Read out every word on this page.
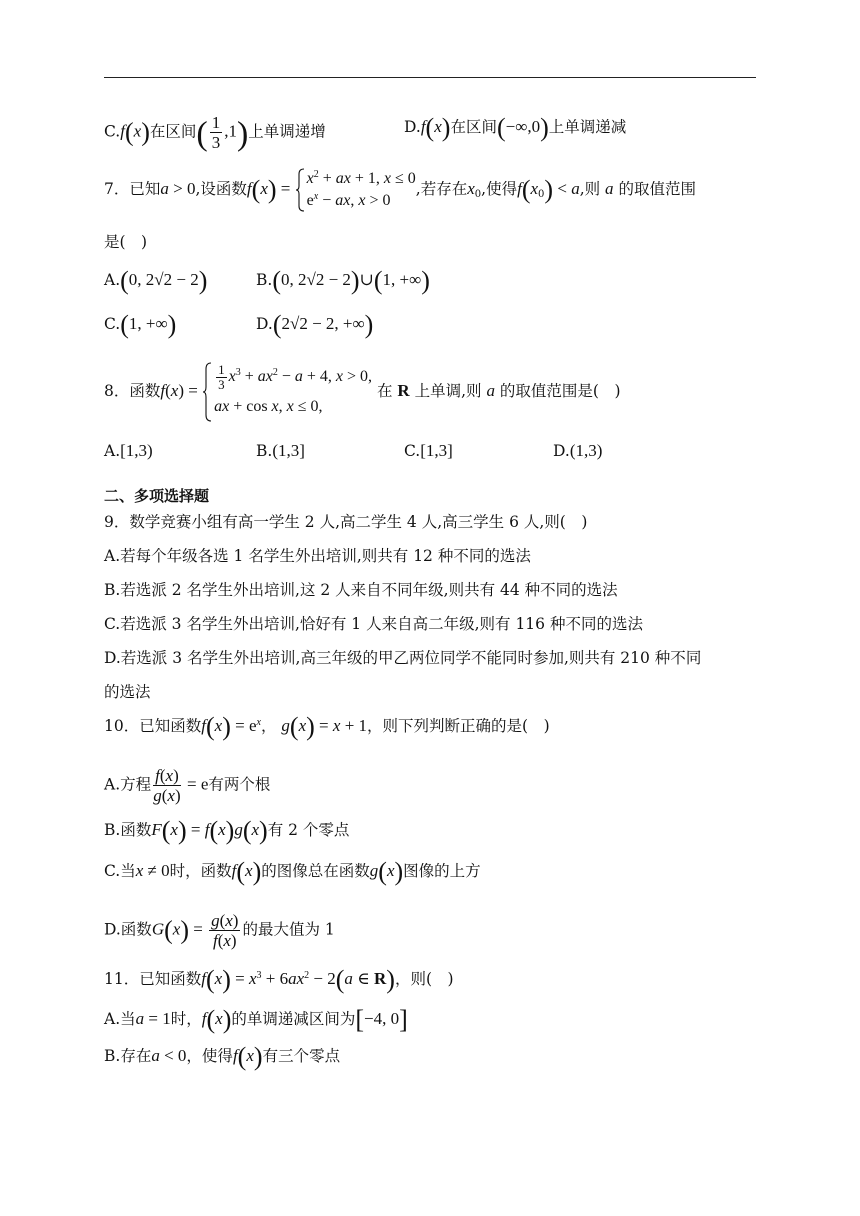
C.f(x)在区间( $\frac{1}{3} ,1$)上单调递增	D.f(x)在区间(−∞,0)上单调递减
7．已知a > 0,设函数f(x) =
$x^2$ + ax + 1, x ≤ 0
$e^x$ − ax, x > 0
,若存在$x_0$,使得$f(x_0) < a$,则 a 的取值范围
是(　)
A.(0, 2√2 − 2)	B.(0, 2√2 − 2)∪(1, +∞)
C.(1, +∞)	D.(2√2 − 2, +∞)
8．函数$f(x) = \frac{1}{3} x^3 + ax^2 - a + 4$, x > 0,
ax + cos x, x ≤ 0,
在 R 上单调,则 a 的取值范围是(　)
A.[1,3)	B.(1,3]	C.[1,3]	D.(1,3)
二、多项选择题
9．数学竞赛小组有高一学生 2 人,高二学生 4 人,高三学生 6 人,则(　)
A.若每个年级各选 1 名学生外出培训,则共有 12 种不同的选法
B.若选派 2 名学生外出培训,这 2 人来自不同年级,则共有 44 种不同的选法
C.若选派 3 名学生外出培训,恰好有 1 人来自高二年级,则有 116 种不同的选法
D.若选派 3 名学生外出培训,高三年级的甲乙两位同学不能同时参加,则共有 210 种不同
的选法
10．已知函数$f(x) = e^x$， g(x) = x + 1，则下列判断正确的是(　)
A.方程 $\frac{f(x)}{g(x)} = e$有两个根
B.函数F(x) = f(x)g(x)有 2 个零点
C.当x ≠ 0时，函数f(x)的图像总在函数g(x)图像的上方
D.函数$G(x) = \frac{g(x)}{f(x)}$ 的最大值为 1
11．已知函数$f(x) = x^3 + 6ax^2 - 2(a$ ∈ R)，则(　)
A.当a = 1时，f(x)的单调递减区间为[−4, 0]
B.存在a < 0，使得f(x)有三个零点
